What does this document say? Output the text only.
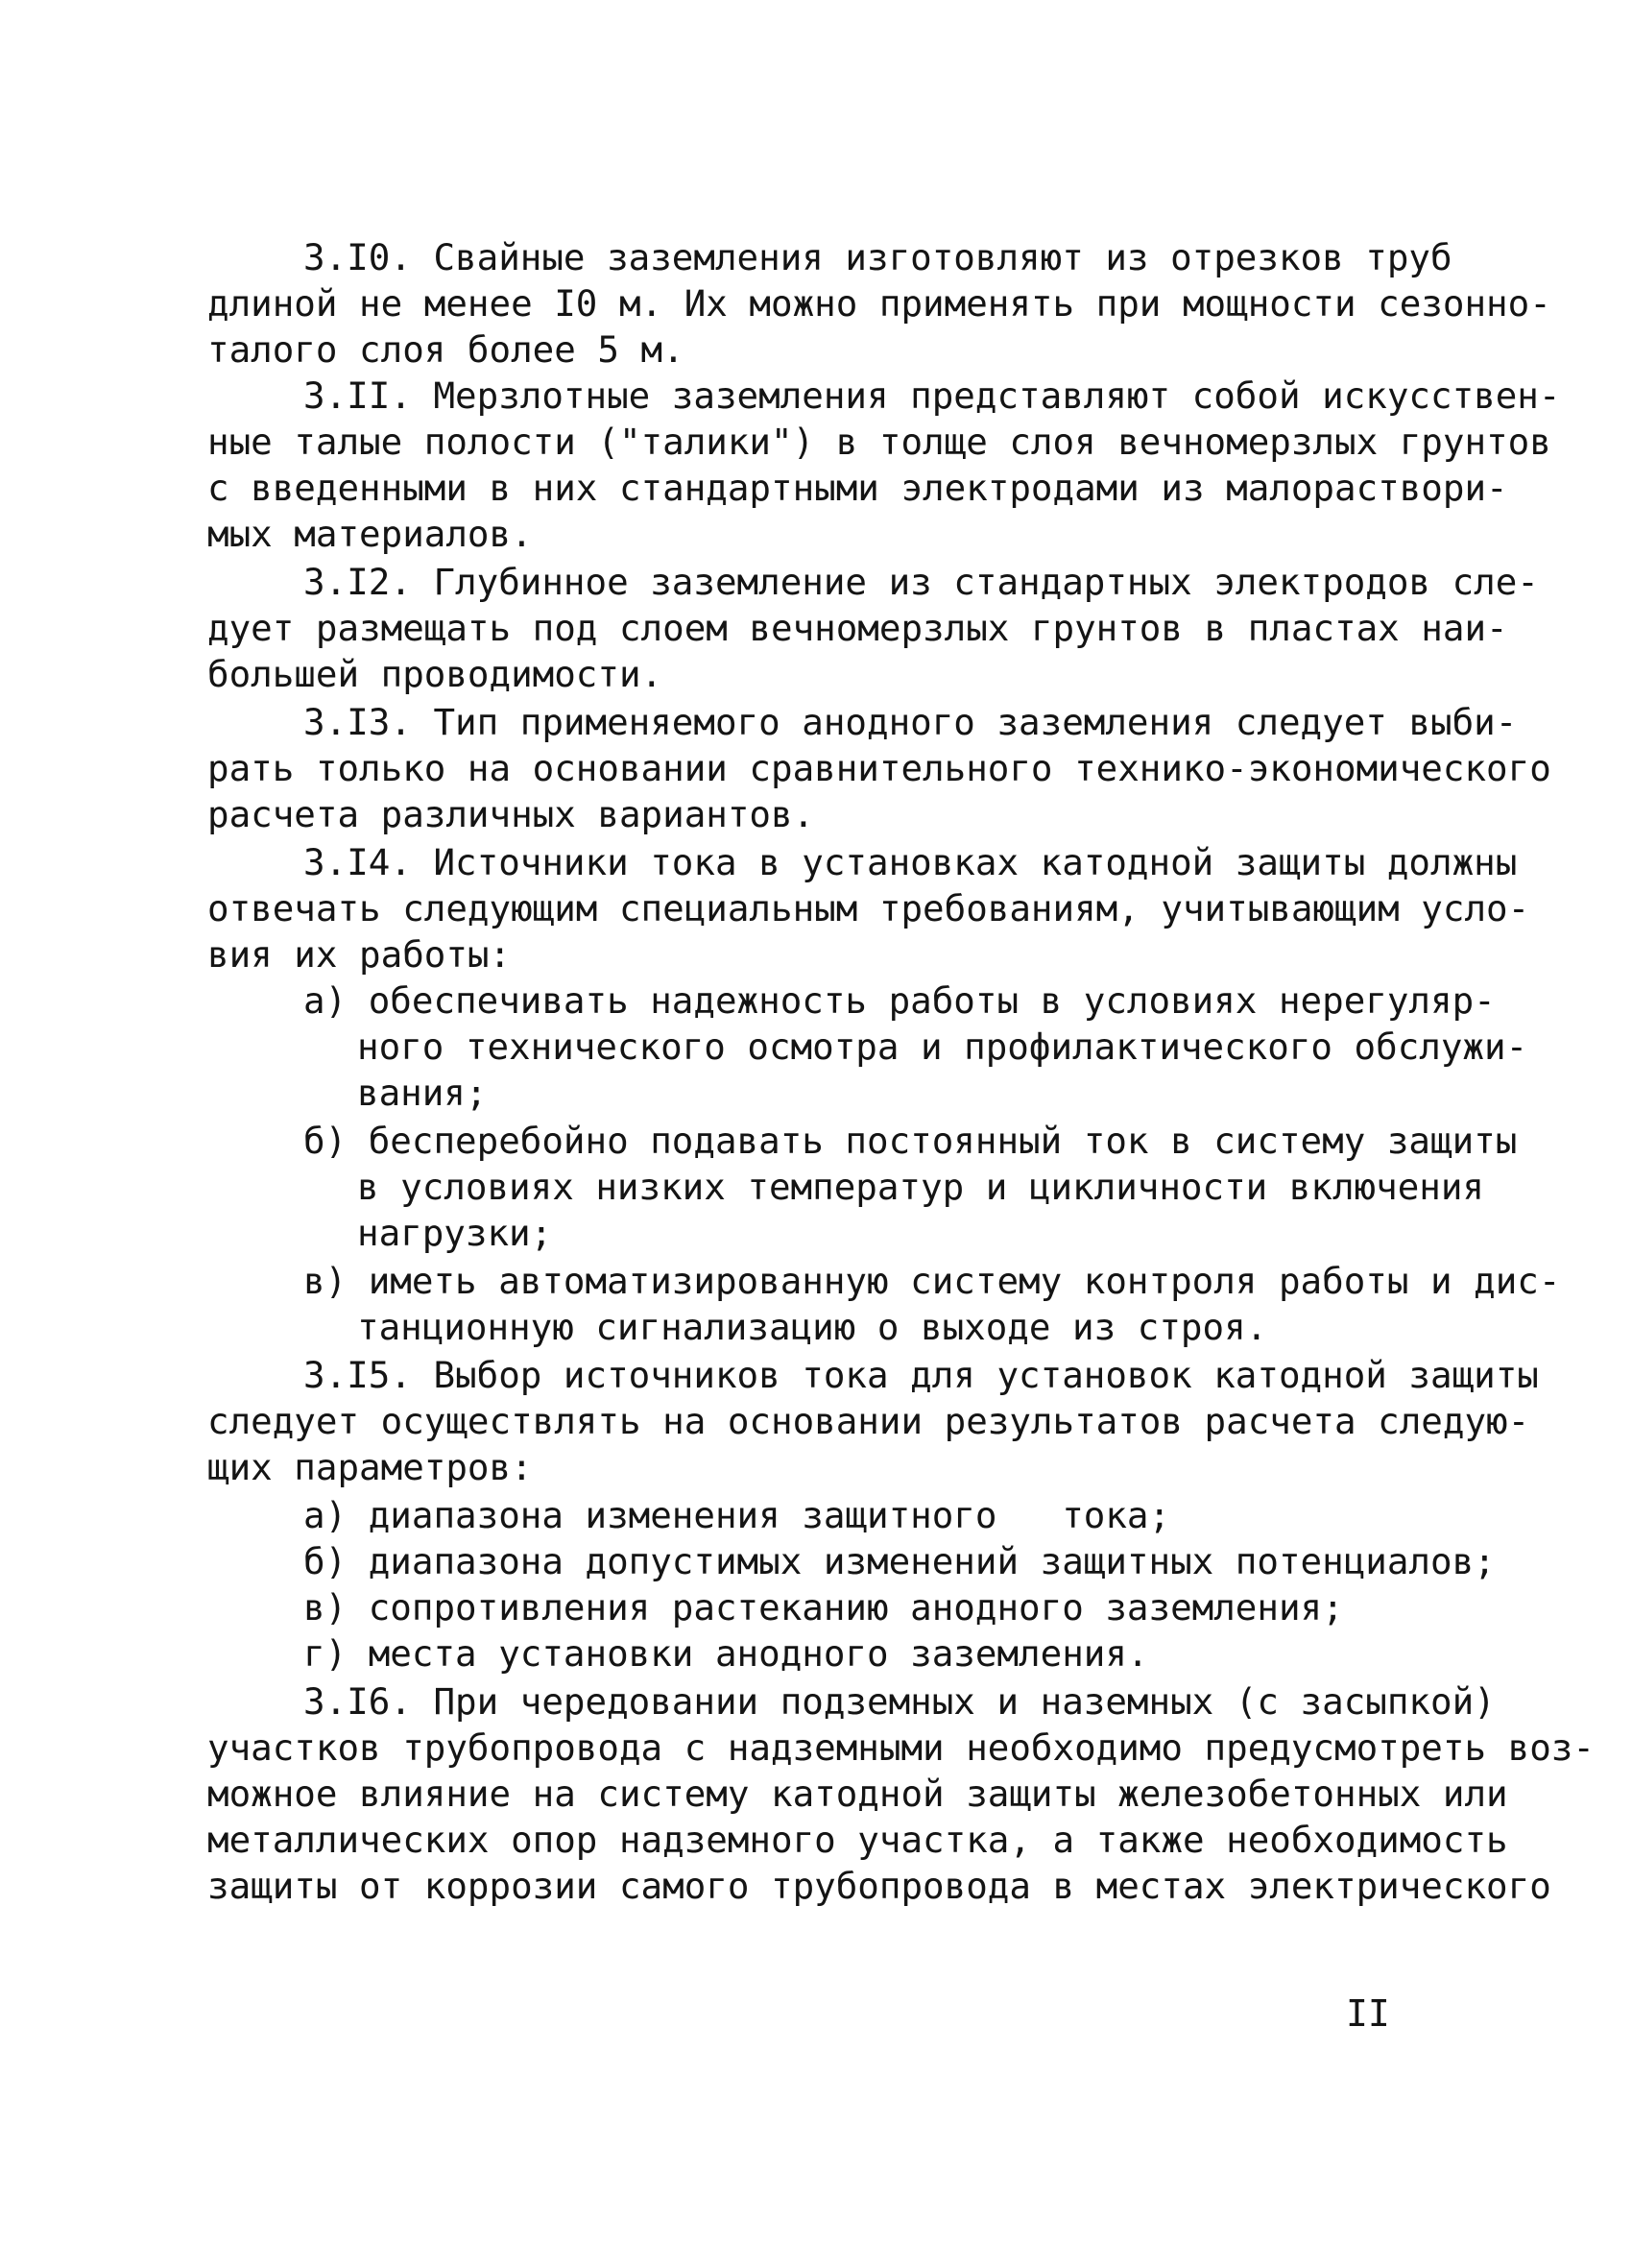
3.I0. Свайные заземления изготовляют из отрезков труб
длиной не менее I0 м. Их можно применять при мощности сезонно-
талого слоя более 5 м.
3.II. Мерзлотные заземления представляют собой искусствен-
ные талые полости ("талики") в толще слоя вечномерзлых грунтов
с введенными в них стандартными электродами из малораствори-
мых материалов.
3.I2. Глубинное заземление из стандартных электродов сле-
дует размещать под слоем вечномерзлых грунтов в пластах наи-
большей проводимости.
3.I3. Тип применяемого анодного заземления следует выби-
рать только на основании сравнительного технико-экономического
расчета различных вариантов.
3.I4. Источники тока в установках катодной защиты должны
отвечать следующим специальным требованиям, учитывающим усло-
вия их работы:
а) обеспечивать надежность работы в условиях нерегуляр-
ного технического осмотра и профилактического обслужи-
вания;
б) бесперебойно подавать постоянный ток в систему защиты
в условиях низких температур и цикличности включения
нагрузки;
в) иметь автоматизированную систему контроля работы и дис-
танционную сигнализацию о выходе из строя.
3.I5. Выбор источников тока для установок катодной защиты
следует осуществлять на основании результатов расчета следую-
щих параметров:
а) диапазона изменения защитного   тока;
б) диапазона допустимых изменений защитных потенциалов;
в) сопротивления растеканию анодного заземления;
г) места установки анодного заземления.
3.I6. При чередовании подземных и наземных (с засыпкой)
участков трубопровода с надземными необходимо предусмотреть воз-
можное влияние на систему катодной защиты железобетонных или
металлических опор надземного участка, а также необходимость
защиты от коррозии самого трубопровода в местах электрического
II
